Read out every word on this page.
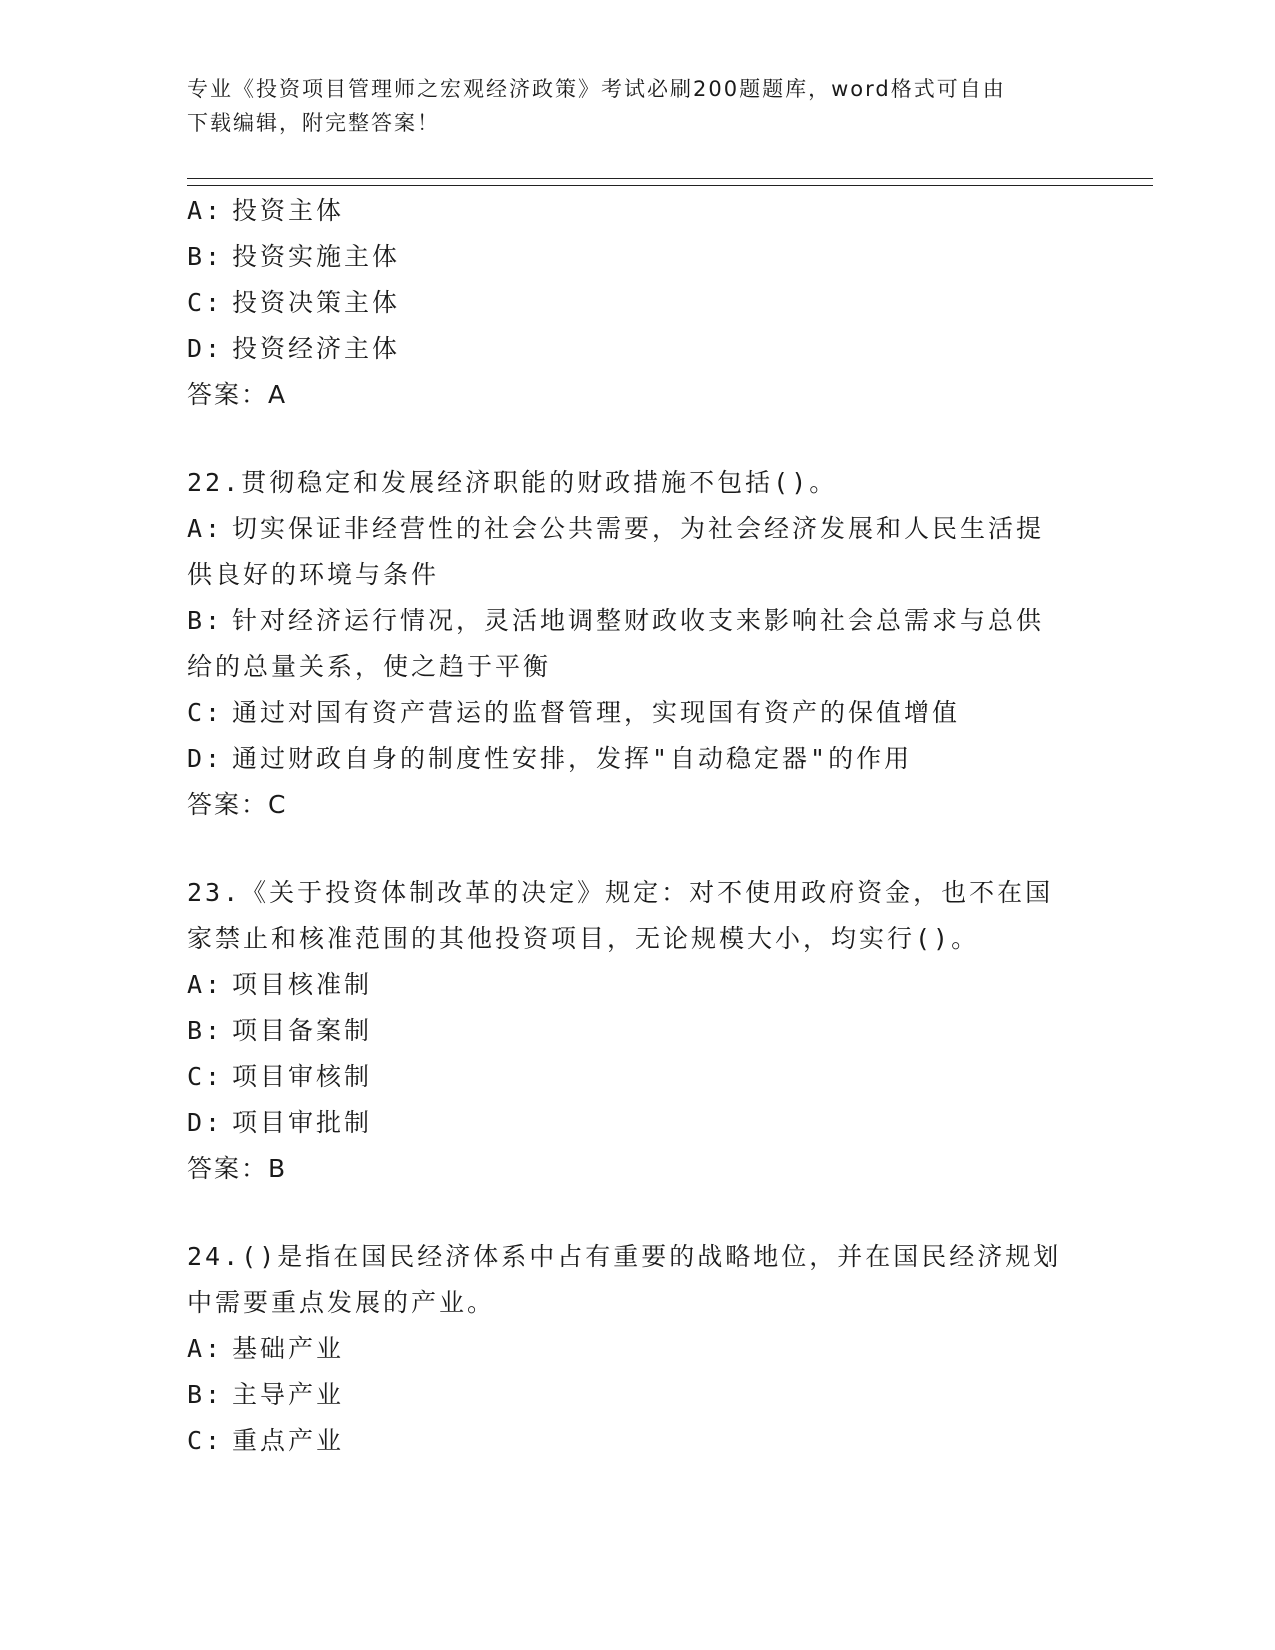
专业《投资项目管理师之宏观经济政策》考试必刷200题题库，word格式可自由
下载编辑，附完整答案！
A: 投资主体
B: 投资实施主体
C: 投资决策主体
D: 投资经济主体
答案：A
22.贯彻稳定和发展经济职能的财政措施不包括()。
A: 切实保证非经营性的社会公共需要，为社会经济发展和人民生活提
供良好的环境与条件
B: 针对经济运行情况，灵活地调整财政收支来影响社会总需求与总供
给的总量关系，使之趋于平衡
C: 通过对国有资产营运的监督管理，实现国有资产的保值增值
D: 通过财政自身的制度性安排，发挥"自动稳定器"的作用
答案：C
23.《关于投资体制改革的决定》规定：对不使用政府资金，也不在国
家禁止和核准范围的其他投资项目，无论规模大小，均实行()。
A: 项目核准制
B: 项目备案制
C: 项目审核制
D: 项目审批制
答案：B
24.()是指在国民经济体系中占有重要的战略地位，并在国民经济规划
中需要重点发展的产业。
A: 基础产业
B: 主导产业
C: 重点产业
